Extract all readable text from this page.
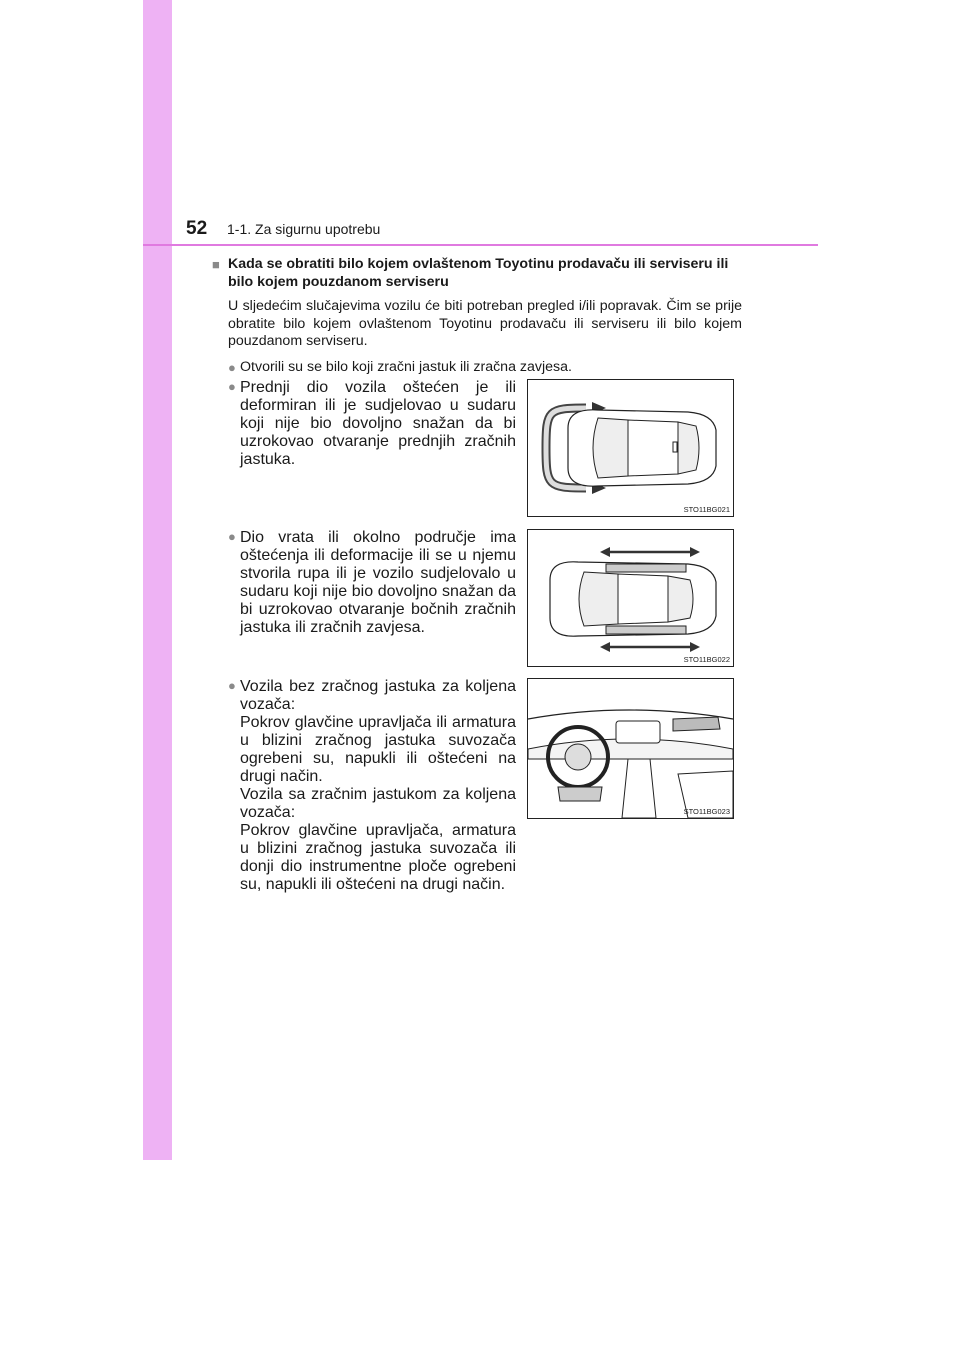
52 1-1. Za sigurnu upotrebu
■ Kada se obratiti bilo kojem ovlaštenom Toyotinu prodavaču ili serviseru ili bilo kojem pouzdanom serviseru
U sljedećim slučajevima vozilu će biti potreban pregled i/ili popravak. Čim se prije obratite bilo kojem ovlaštenom Toyotinu prodavaču ili serviseru ili bilo kojem pouzdanom serviseru.
● Otvorili su se bilo koji zračni jastuk ili zračna zavjesa.
● Prednji dio vozila oštećen je ili deformiran ili je sudjelovao u sudaru koji nije bio dovoljno snažan da bi uzrokovao otvaranje prednjih zračnih jastuka.
STO11BG021
● Dio vrata ili okolno područje ima oštećenja ili deformacije ili se u njemu stvorila rupa ili je vozilo sudjelovalo u sudaru koji nije bio dovoljno snažan da bi uzrokovao otvaranje bočnih zračnih jastuka ili zračnih zavjesa.
STO11BG022
● Vozila bez zračnog jastuka za koljena vozača:
Pokrov glavčine upravljača ili armatura u blizini zračnog jastuka suvozača ogrebeni su, napukli ili oštećeni na drugi način.
Vozila sa zračnim jastukom za koljena vozača:
Pokrov glavčine upravljača, armatura u blizini zračnog jastuka suvozača ili donji dio instrumentne ploče ogrebeni su, napukli ili oštećeni na drugi način.
STO11BG023
